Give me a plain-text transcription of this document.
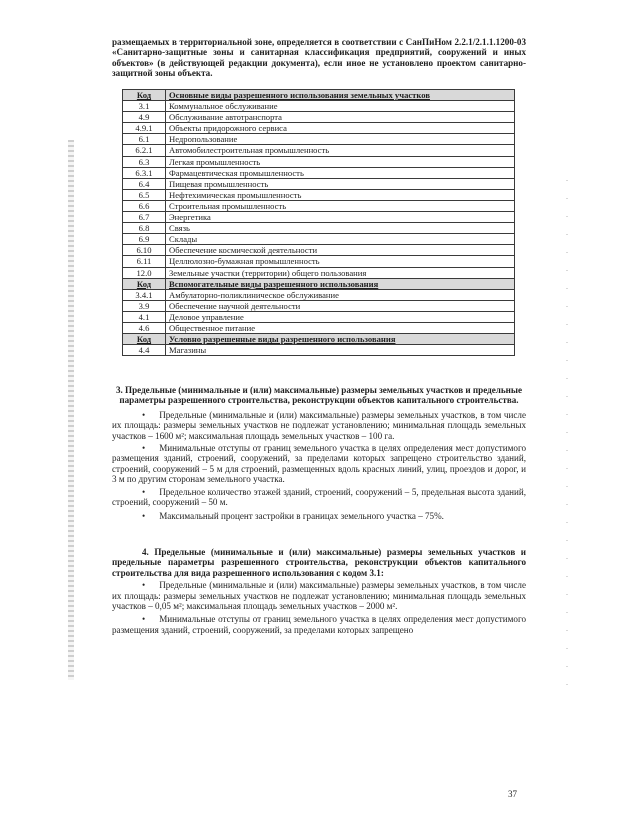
размещаемых в территориальной зоне, определяется в соответствии с СанПиНом 2.2.1/2.1.1.1200-03 «Санитарно-защитные зоны и санитарная классификация предприятий, сооружений и иных объектов» (в действующей редакции документа), если иное не установлено проектом санитарно-защитной зоны объекта.
Код	Основные виды разрешенного использования земельных участков
3.1	Коммунальное обслуживание
4.9	Обслуживание автотранспорта
4.9.1	Объекты придорожного сервиса
6.1	Недропользование
6.2.1	Автомобилестроительная промышленность
6.3	Легкая промышленность
6.3.1	Фармацевтическая промышленность
6.4	Пищевая промышленность
6.5	Нефтехимическая промышленность
6.6	Строительная промышленность
6.7	Энергетика
6.8	Связь
6.9	Склады
6.10	Обеспечение космической деятельности
6.11	Целлюлозно-бумажная промышленность
12.0	Земельные участки (территории) общего пользования
Код	Вспомогательные виды разрешенного использования
3.4.1	Амбулаторно-поликлиническое обслуживание
3.9	Обеспечение научной деятельности
4.1	Деловое управление
4.6	Общественное питание
Код	Условно разрешенные виды разрешенного использования
4.4	Магазины
3. Предельные (минимальные и (или) максимальные) размеры земельных участков и предельные параметры разрешенного строительства, реконструкции объектов капитального строительства.
• Предельные (минимальные и (или) максимальные) размеры земельных участков, в том числе их площадь: размеры земельных участков не подлежат установлению; минимальная площадь земельных участков – 1600 м²; максимальная площадь земельных участков – 100 га.
• Минимальные отступы от границ земельного участка в целях определения мест допустимого размещения зданий, строений, сооружений, за пределами которых запрещено строительство зданий, строений, сооружений – 5 м для строений, размещенных вдоль красных линий, улиц, проездов и дорог, и 3 м по другим сторонам земельного участка.
• Предельное количество этажей зданий, строений, сооружений – 5, предельная высота зданий, строений, сооружений – 50 м.
• Максимальный процент застройки в границах земельного участка – 75%.
4. Предельные (минимальные и (или) максимальные) размеры земельных участков и предельные параметры разрешенного строительства, реконструкции объектов капитального строительства для вида разрешенного использования с кодом 3.1:
• Предельные (минимальные и (или) максимальные) размеры земельных участков, в том числе их площадь: размеры земельных участков не подлежат установлению; минимальная площадь земельных участков – 0,05 м²; максимальная площадь земельных участков – 2000 м².
• Минимальные отступы от границ земельного участка в целях определения мест допустимого размещения зданий, строений, сооружений, за пределами которых запрещено
37
